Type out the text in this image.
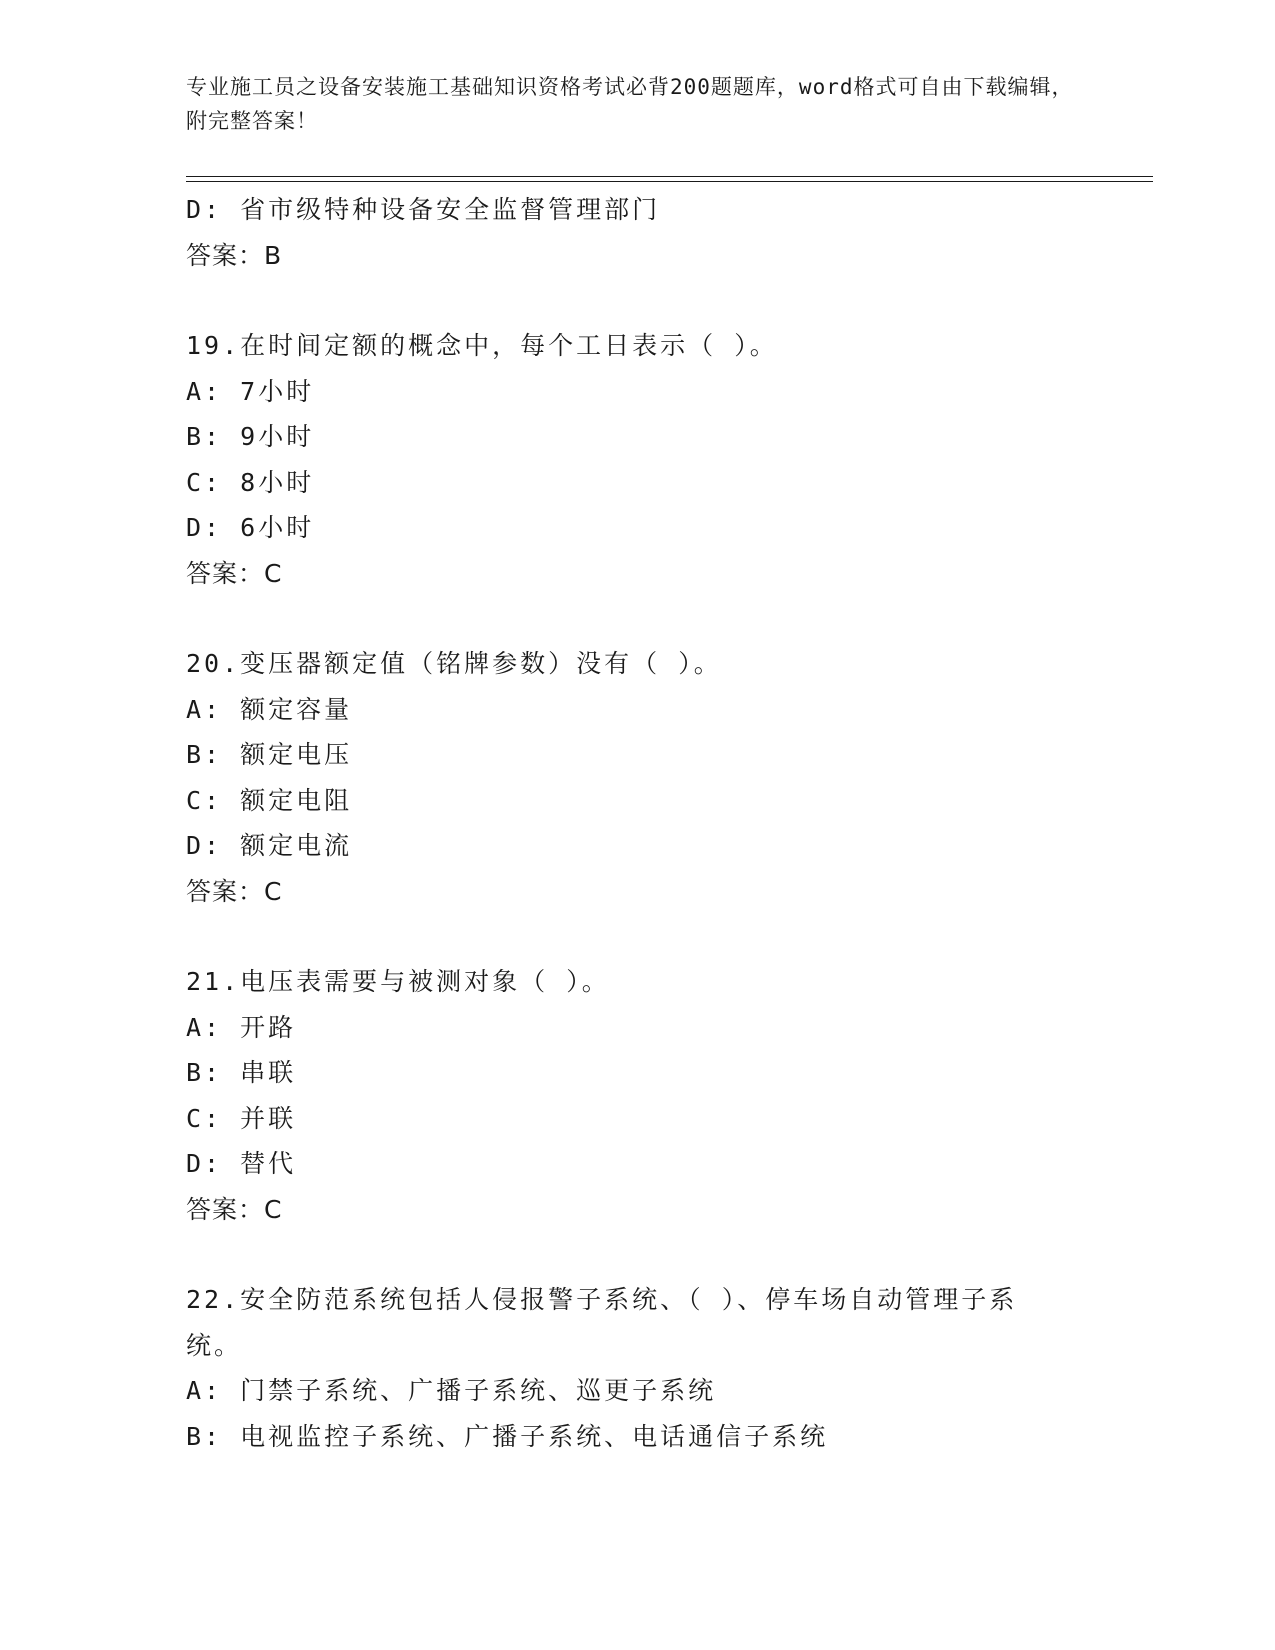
专业施工员之设备安装施工基础知识资格考试必背200题题库，word格式可自由下载编辑，附完整答案！
D: 省市级特种设备安全监督管理部门
答案：B
19.在时间定额的概念中，每个工日表示（ ）。
A: 7小时
B: 9小时
C: 8小时
D: 6小时
答案：C
20.变压器额定值（铭牌参数）没有（ ）。
A: 额定容量
B: 额定电压
C: 额定电阻
D: 额定电流
答案：C
21.电压表需要与被测对象（ ）。
A: 开路
B: 串联
C: 并联
D: 替代
答案：C
22.安全防范系统包括人侵报警子系统、（ ）、停车场自动管理子系统。
A: 门禁子系统、广播子系统、巡更子系统
B: 电视监控子系统、广播子系统、电话通信子系统
